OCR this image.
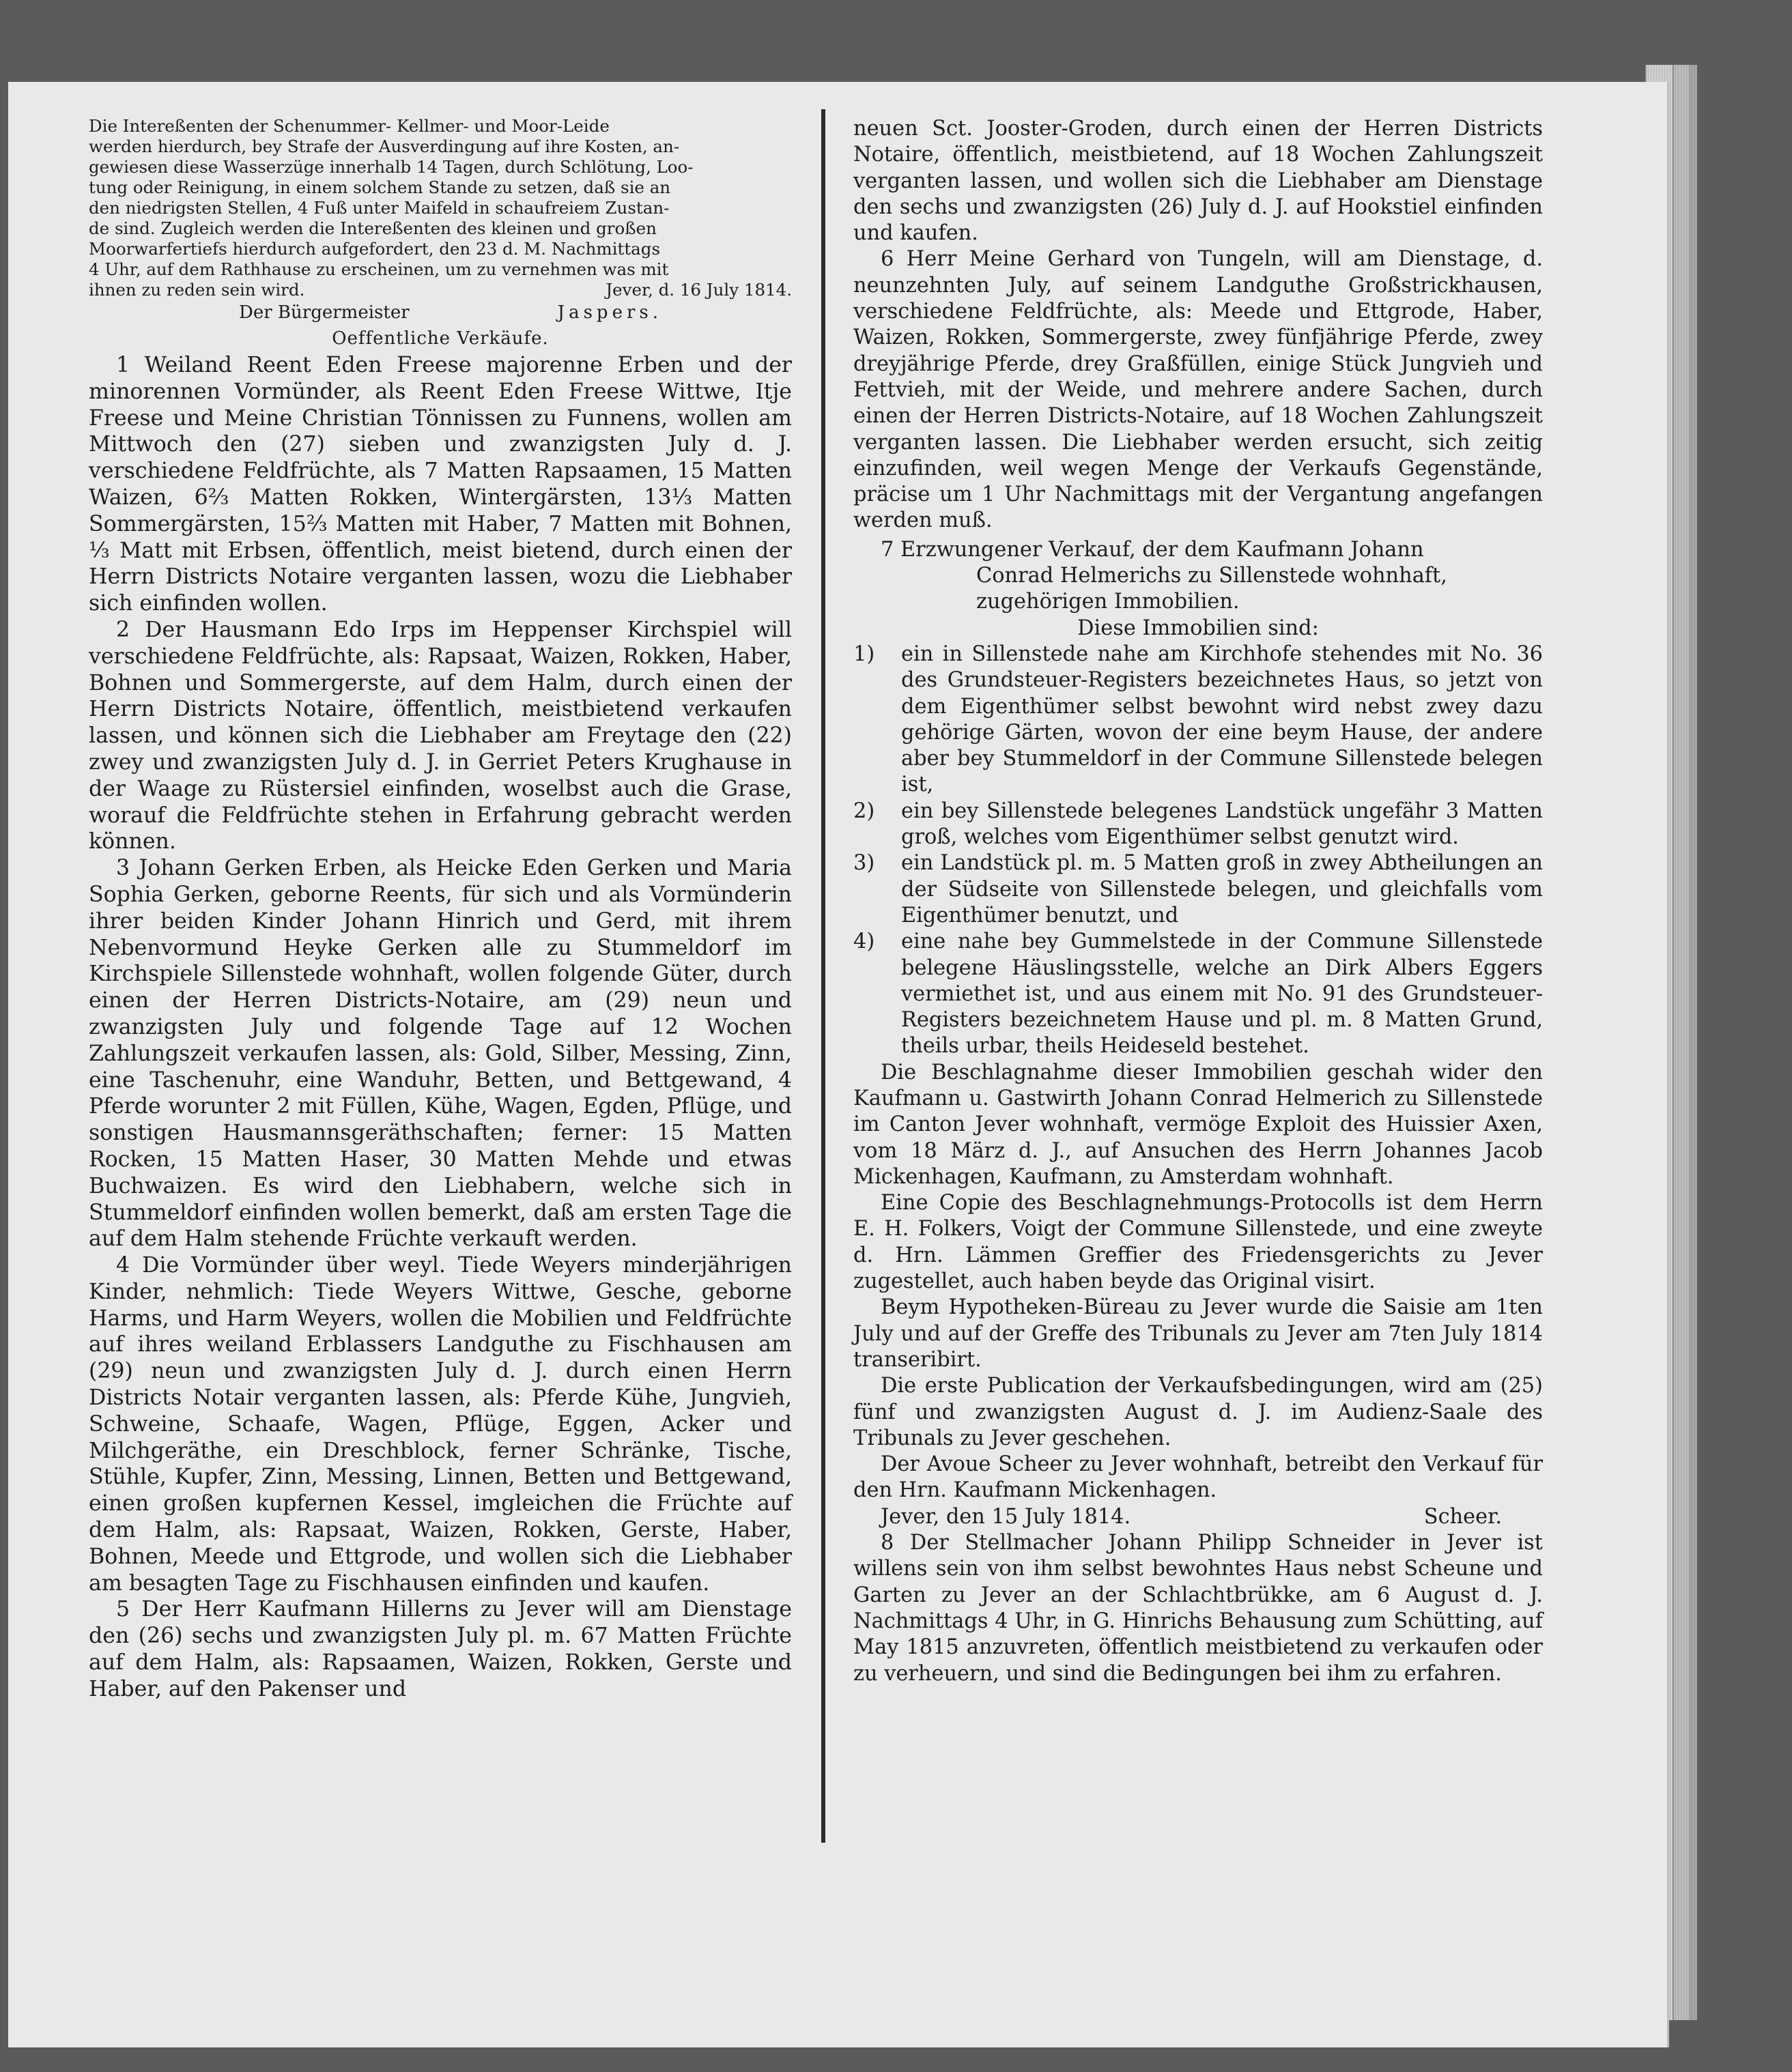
Die Intereßenten der Schenummer- Kellmer- und Moor-Leide
werden hierdurch, bey Strafe der Ausverdingung auf ihre Kosten, an-
gewiesen diese Wasserzüge innerhalb 14 Tagen, durch Schlötung, Loo-
tung oder Reinigung, in einem solchem Stande zu setzen, daß sie an
den niedrigsten Stellen, 4 Fuß unter Maifeld in schaufreiem Zustan-
de sind. Zugleich werden die Intereßenten des kleinen und großen
Moorwarfertiefs hierdurch aufgefordert, den 23 d. M. Nachmittags
4 Uhr, auf dem Rathhause zu erscheinen, um zu vernehmen was mit
ihnen zu reden sein wird.	Jever, d. 16 July 1814.
Der Bürgermeister	Jaspers.
Oeffentliche Verkäufe.

1 Weiland Reent Eden Freese majorenne Erben und der minorennen Vormünder, als Reent Eden Freese Wittwe, Itje Freese und Meine Christian Tönnissen zu Funnens, wollen am Mittwoch den (27) sieben und zwanzigsten July d. J. verschiedene Feldfrüchte, als 7 Matten Rapsaamen, 15 Matten Waizen, 6⅔ Matten Rokken, Wintergärsten, 13⅓ Matten Sommergärsten, 15⅔ Matten mit Haber, 7 Matten mit Bohnen, ⅓ Matt mit Erbsen, öffentlich, meist bietend, durch einen der Herrn Districts Notaire verganten lassen, wozu die Liebhaber sich einfinden wollen.

2 Der Hausmann Edo Irps im Heppenser Kirchspiel will verschiedene Feldfrüchte, als: Rapsaat, Waizen, Rokken, Haber, Bohnen und Sommergerste, auf dem Halm, durch einen der Herrn Districts Notaire, öffentlich, meistbietend verkaufen lassen, und können sich die Liebhaber am Freytage den (22) zwey und zwanzigsten July d. J. in Gerriet Peters Krughause in der Waage zu Rüstersiel einfinden, woselbst auch die Grase, worauf die Feldfrüchte stehen in Erfahrung gebracht werden können.

3 Johann Gerken Erben, als Heicke Eden Gerken und Maria Sophia Gerken, geborne Reents, für sich und als Vormünderin ihrer beiden Kinder Johann Hinrich und Gerd, mit ihrem Nebenvormund Heyke Gerken alle zu Stummeldorf im Kirchspiele Sillenstede wohnhaft, wollen folgende Güter, durch einen der Herren Districts-Notaire, am (29) neun und zwanzigsten July und folgende Tage auf 12 Wochen Zahlungszeit verkaufen lassen, als: Gold, Silber, Messing, Zinn, eine Taschenuhr, eine Wanduhr, Betten, und Bettgewand, 4 Pferde worunter 2 mit Füllen, Kühe, Wagen, Egden, Pflüge, und sonstigen Hausmannsgeräthschaften; ferner: 15 Matten Rocken, 15 Matten Haser, 30 Matten Mehde und etwas Buchwaizen. Es wird den Liebhabern, welche sich in Stummeldorf einfinden wollen bemerkt, daß am ersten Tage die auf dem Halm stehende Früchte verkauft werden.

4 Die Vormünder über weyl. Tiede Weyers minderjährigen Kinder, nehmlich: Tiede Weyers Wittwe, Gesche, geborne Harms, und Harm Weyers, wollen die Mobilien und Feldfrüchte auf ihres weiland Erblassers Landguthe zu Fischhausen am (29) neun und zwanzigsten July d. J. durch einen Herrn Districts Notair verganten lassen, als: Pferde Kühe, Jungvieh, Schweine, Schaafe, Wagen, Pflüge, Eggen, Acker und Milchgeräthe, ein Dreschblock, ferner Schränke, Tische, Stühle, Kupfer, Zinn, Messing, Linnen, Betten und Bettgewand, einen großen kupfernen Kessel, imgleichen die Früchte auf dem Halm, als: Rapsaat, Waizen, Rokken, Gerste, Haber, Bohnen, Meede und Ettgrode, und wollen sich die Liebhaber am besagten Tage zu Fischhausen einfinden und kaufen.

5 Der Herr Kaufmann Hillerns zu Jever will am Dienstage den (26) sechs und zwanzigsten July pl. m. 67 Matten Früchte auf dem Halm, als: Rapsaamen, Waizen, Rokken, Gerste und Haber, auf den Pakenser und

neuen Sct. Jooster-Groden, durch einen der Herren Districts Notaire, öffentlich, meistbietend, auf 18 Wochen Zahlungszeit verganten lassen, und wollen sich die Liebhaber am Dienstage den sechs und zwanzigsten (26) July d. J. auf Hookstiel einfinden und kaufen.

6 Herr Meine Gerhard von Tungeln, will am Dienstage, d. neunzehnten July, auf seinem Landguthe Großstrickhausen, verschiedene Feldfrüchte, als: Meede und Ettgrode, Haber, Waizen, Rokken, Sommergerste, zwey fünfjährige Pferde, zwey dreyjährige Pferde, drey Graßfüllen, einige Stück Jungvieh und Fettvieh, mit der Weide, und mehrere andere Sachen, durch einen der Herren Districts-Notaire, auf 18 Wochen Zahlungszeit verganten lassen. Die Liebhaber werden ersucht, sich zeitig einzufinden, weil wegen Menge der Verkaufs Gegenstände, präcise um 1 Uhr Nachmittags mit der Vergantung angefangen werden muß.

7 Erzwungener Verkauf, der dem Kaufmann Johann

Conrad Helmerichs zu Sillenstede wohnhaft, zugehörigen Immobilien.

Diese Immobilien sind:

1)	ein in Sillenstede nahe am Kirchhofe stehendes mit No. 36 des Grundsteuer-Registers bezeichnetes Haus, so jetzt von dem Eigenthümer selbst bewohnt wird nebst zwey dazu gehörige Gärten, wovon der eine beym Hause, der andere aber bey Stummeldorf in der Commune Sillenstede belegen ist,
2)	ein bey Sillenstede belegenes Landstück ungefähr 3 Matten groß, welches vom Eigenthümer selbst genutzt wird.
3)	ein Landstück pl. m. 5 Matten groß in zwey Abtheilungen an der Südseite von Sillenstede belegen, und gleichfalls vom Eigenthümer benutzt, und
4)	eine nahe bey Gummelstede in der Commune Sillenstede belegene Häuslingsstelle, welche an Dirk Albers Eggers vermiethet ist, und aus einem mit No. 91 des Grundsteuer-Registers bezeichnetem Hause und pl. m. 8 Matten Grund, theils urbar, theils Heideseld bestehet.

Die Beschlagnahme dieser Immobilien geschah wider den Kaufmann u. Gastwirth Johann Conrad Helmerich zu Sillenstede im Canton Jever wohnhaft, vermöge Exploit des Huissier Axen, vom 18 März d. J., auf Ansuchen des Herrn Johannes Jacob Mickenhagen, Kaufmann, zu Amsterdam wohnhaft.

Eine Copie des Beschlagnehmungs-Protocolls ist dem Herrn E. H. Folkers, Voigt der Commune Sillenstede, und eine zweyte d. Hrn. Lämmen Greffier des Friedensgerichts zu Jever zugestellet, auch haben beyde das Original visirt.

Beym Hypotheken-Büreau zu Jever wurde die Saisie am 1ten July und auf der Greffe des Tribunals zu Jever am 7ten July 1814 transeribirt.

Die erste Publication der Verkaufsbedingungen, wird am (25) fünf und zwanzigsten August d. J. im Audienz-Saale des Tribunals zu Jever geschehen.

Der Avoue Scheer zu Jever wohnhaft, betreibt den Verkauf für den Hrn. Kaufmann Mickenhagen.

Jever, den 15 July 1814.	Scheer.

8 Der Stellmacher Johann Philipp Schneider in Jever ist willens sein von ihm selbst bewohntes Haus nebst Scheune und Garten zu Jever an der Schlachtbrükke, am 6 August d. J. Nachmittags 4 Uhr, in G. Hinrichs Behausung zum Schütting, auf May 1815 anzuvreten, öffentlich meistbietend zu verkaufen oder zu verheuern, und sind die Bedingungen bei ihm zu erfahren.
